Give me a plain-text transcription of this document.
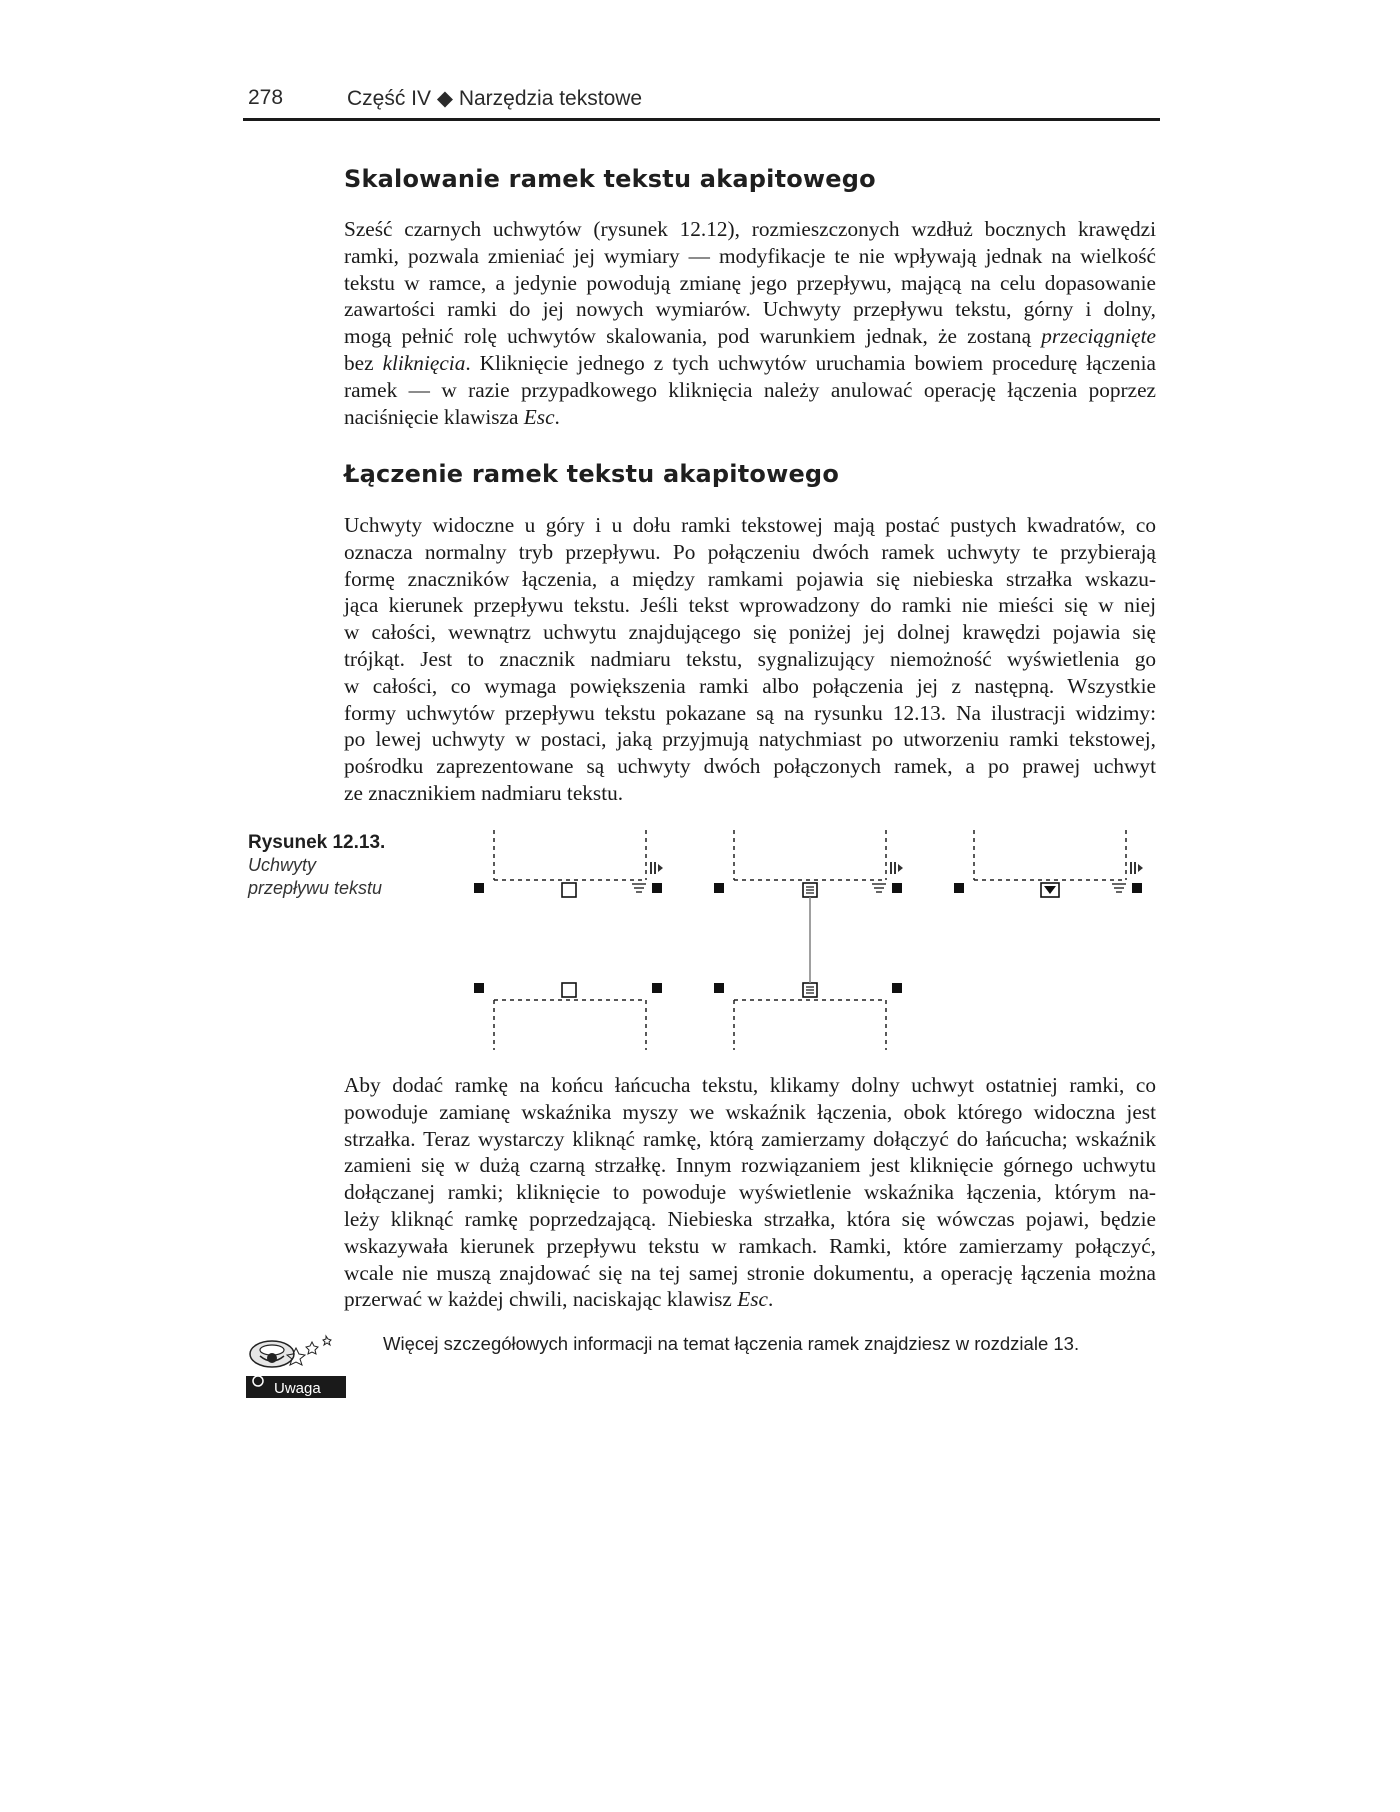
278	Część IV ◆ Narzędzia tekstowe
Skalowanie ramek tekstu akapitowego
Sześć czarnych uchwytów (rysunek 12.12), rozmieszczonych wzdłuż bocznych krawędzi
ramki, pozwala zmieniać jej wymiary — modyfikacje te nie wpływają jednak na wielkość
tekstu w ramce, a jedynie powodują zmianę jego przepływu, mającą na celu dopasowanie
zawartości ramki do jej nowych wymiarów. Uchwyty przepływu tekstu, górny i dolny,
mogą pełnić rolę uchwytów skalowania, pod warunkiem jednak, że zostaną przeciągnięte
bez kliknięcia. Kliknięcie jednego z tych uchwytów uruchamia bowiem procedurę łączenia
ramek — w razie przypadkowego kliknięcia należy anulować operację łączenia poprzez
naciśnięcie klawisza Esc.
Łączenie ramek tekstu akapitowego
Uchwyty widoczne u góry i u dołu ramki tekstowej mają postać pustych kwadratów, co
oznacza normalny tryb przepływu. Po połączeniu dwóch ramek uchwyty te przybierają
formę znaczników łączenia, a między ramkami pojawia się niebieska strzałka wskazu-
jąca kierunek przepływu tekstu. Jeśli tekst wprowadzony do ramki nie mieści się w niej
w całości, wewnątrz uchwytu znajdującego się poniżej jej dolnej krawędzi pojawia się
trójkąt. Jest to znacznik nadmiaru tekstu, sygnalizujący niemożność wyświetlenia go
w całości, co wymaga powiększenia ramki albo połączenia jej z następną. Wszystkie
formy uchwytów przepływu tekstu pokazane są na rysunku 12.13. Na ilustracji widzimy:
po lewej uchwyty w postaci, jaką przyjmują natychmiast po utworzeniu ramki tekstowej,
pośrodku zaprezentowane są uchwyty dwóch połączonych ramek, a po prawej uchwyt
ze znacznikiem nadmiaru tekstu.
Rysunek 12.13.
Uchwyty
przepływu tekstu
Aby dodać ramkę na końcu łańcucha tekstu, klikamy dolny uchwyt ostatniej ramki, co
powoduje zamianę wskaźnika myszy we wskaźnik łączenia, obok którego widoczna jest
strzałka. Teraz wystarczy kliknąć ramkę, którą zamierzamy dołączyć do łańcucha; wskaźnik
zamieni się w dużą czarną strzałkę. Innym rozwiązaniem jest kliknięcie górnego uchwytu
dołączanej ramki; kliknięcie to powoduje wyświetlenie wskaźnika łączenia, którym na-
leży kliknąć ramkę poprzedzającą. Niebieska strzałka, która się wówczas pojawi, będzie
wskazywała kierunek przepływu tekstu w ramkach. Ramki, które zamierzamy połączyć,
wcale nie muszą znajdować się na tej samej stronie dokumentu, a operację łączenia można
przerwać w każdej chwili, naciskając klawisz Esc.
Uwaga
Więcej szczegółowych informacji na temat łączenia ramek znajdziesz w rozdziale 13.
